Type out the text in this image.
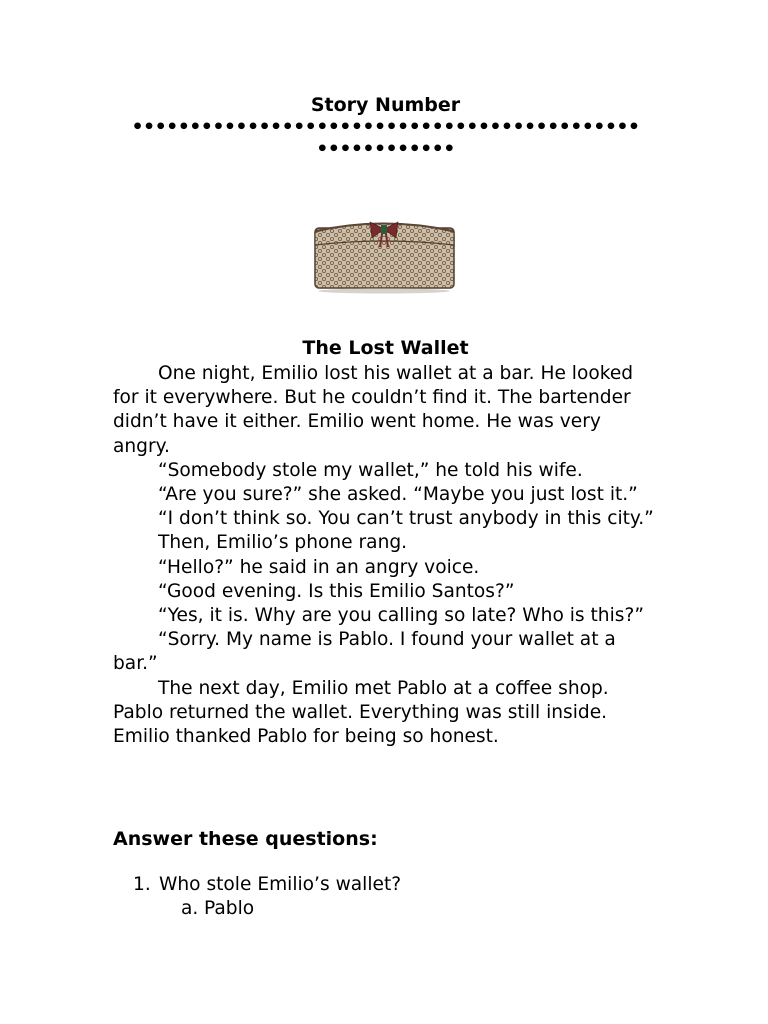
Story Number
••••••••••••••••••••••••••••••••••••••••••••
••••••••••••
The Lost Wallet

One night, Emilio lost his wallet at a bar. He looked for it everywhere. But he couldn’t find it. The bartender didn’t have it either. Emilio went home. He was very angry.

“Somebody stole my wallet,” he told his wife.

“Are you sure?” she asked. “Maybe you just lost it.”

“I don’t think so. You can’t trust anybody in this city.”

Then, Emilio’s phone rang.

“Hello?” he said in an angry voice.

“Good evening. Is this Emilio Santos?”

“Yes, it is. Why are you calling so late? Who is this?”

“Sorry. My name is Pablo. I found your wallet at a bar.”

The next day, Emilio met Pablo at a coffee shop. Pablo returned the wallet. Everything was still inside. Emilio thanked Pablo for being so honest.

Answer these questions:
1. Who stole Emilio’s wallet?
a. Pablo
